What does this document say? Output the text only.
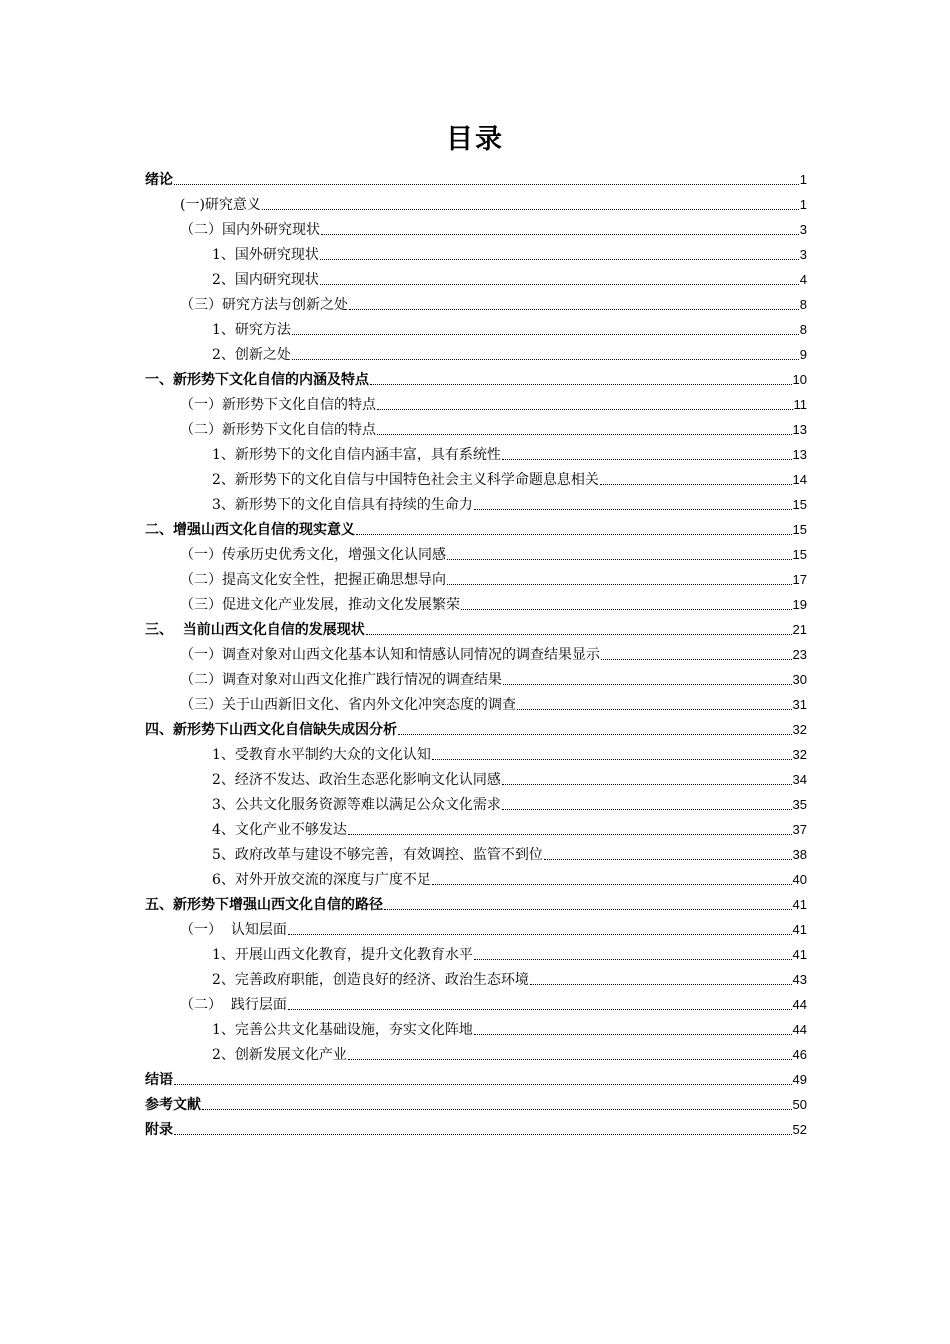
目录
绪论	1
(一)研究意义	1
（二）国内外研究现状	3
1、国外研究现状	3
2、国内研究现状	4
（三）研究方法与创新之处	8
1、研究方法	8
2、创新之处	9
一、新形势下文化自信的内涵及特点	10
（一）新形势下文化自信的特点	11
（二）新形势下文化自信的特点	13
1、新形势下的文化自信内涵丰富，具有系统性	13
2、新形势下的文化自信与中国特色社会主义科学命题息息相关	14
3、新形势下的文化自信具有持续的生命力	15
二、增强山西文化自信的现实意义	15
（一）传承历史优秀文化，增强文化认同感	15
（二）提高文化安全性，把握正确思想导向	17
（三）促进文化产业发展，推动文化发展繁荣	19
三、  当前山西文化自信的发展现状	21
（一）调查对象对山西文化基本认知和情感认同情况的调查结果显示	23
（二）调查对象对山西文化推广践行情况的调查结果	30
（三）关于山西新旧文化、省内外文化冲突态度的调查	31
四、新形势下山西文化自信缺失成因分析	32
1、受教育水平制约大众的文化认知	32
2、经济不发达、政治生态恶化影响文化认同感	34
3、公共文化服务资源等难以满足公众文化需求	35
4、文化产业不够发达	37
5、政府改革与建设不够完善，有效调控、监管不到位	38
6、对外开放交流的深度与广度不足	40
五、新形势下增强山西文化自信的路径	41
（一）  认知层面	41
1、开展山西文化教育，提升文化教育水平	41
2、完善政府职能，创造良好的经济、政治生态环境	43
（二）  践行层面	44
1、完善公共文化基础设施，夯实文化阵地	44
2、创新发展文化产业	46
结语	49
参考文献	50
附录	52
